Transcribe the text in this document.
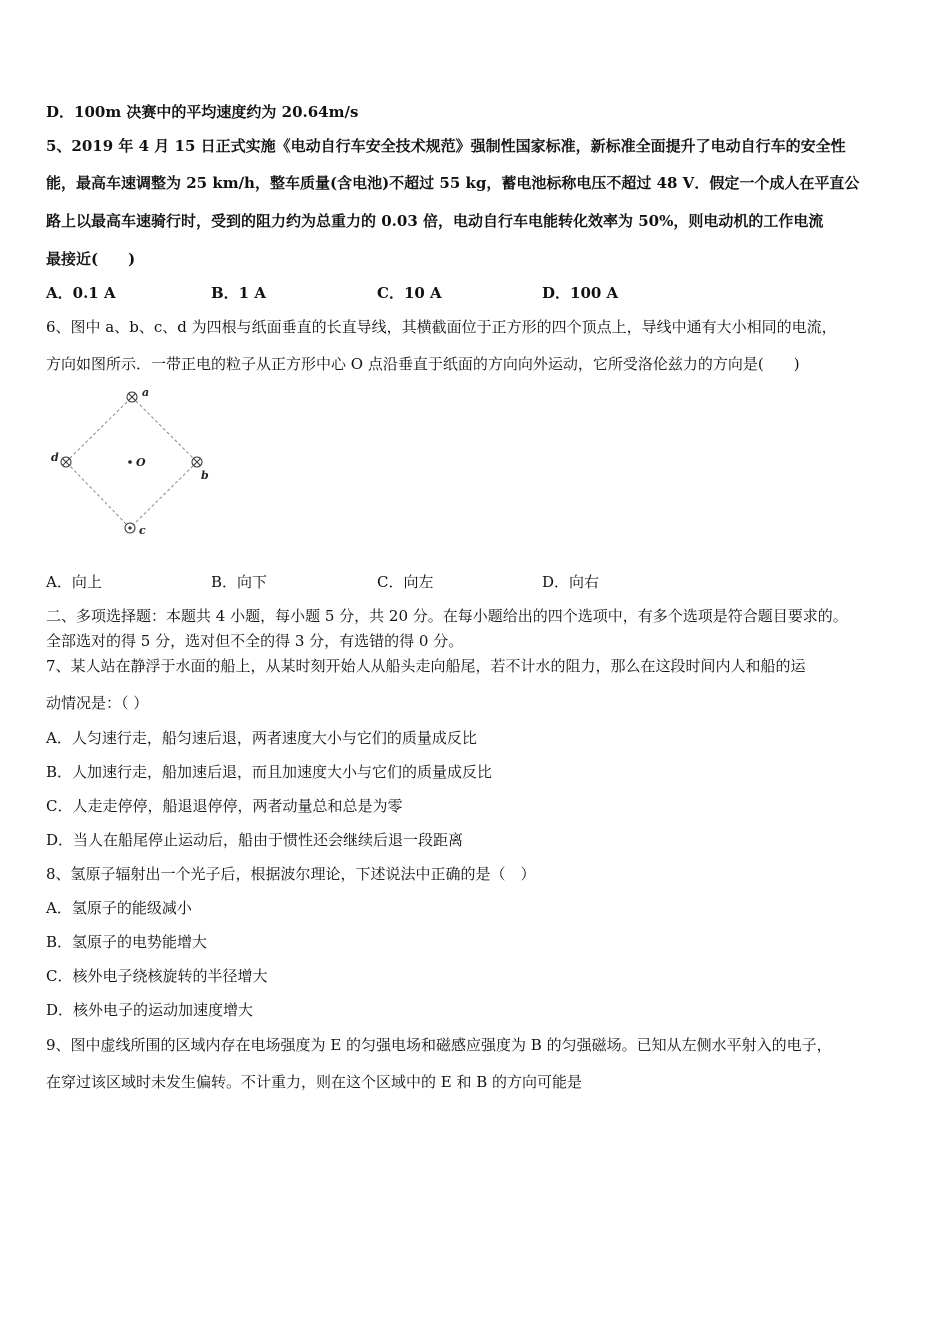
D．100m 决赛中的平均速度约为 20.64m/s
5、2019 年 4 月 15 日正式实施《电动自行车安全技术规范》强制性国家标准，新标准全面提升了电动自行车的安全性
能，最高车速调整为 25 km/h，整车质量(含电池)不超过 55 kg，蓄电池标称电压不超过 48 V．假定一个成人在平直公
路上以最高车速骑行时，受到的阻力约为总重力的 0.03 倍，电动自行车电能转化效率为 50%，则电动机的工作电流
最接近(　　)
A．0.1 A	B．1 A	C．10 A	D．100 A
6、图中 a、b、c、d 为四根与纸面垂直的长直导线，其横截面位于正方形的四个顶点上，导线中通有大小相同的电流，
方向如图所示．一带正电的粒子从正方形中心 O 点沿垂直于纸面的方向向外运动，它所受洛伦兹力的方向是(　　)
a
b
c
d	O
A．向上	B．向下	C．向左	D．向右
二、多项选择题：本题共 4 小题，每小题 5 分，共 20 分。在每小题给出的四个选项中，有多个选项是符合题目要求的。
全部选对的得 5 分，选对但不全的得 3 分，有选错的得 0 分。
7、某人站在静浮于水面的船上，从某时刻开始人从船头走向船尾，若不计水的阻力，那么在这段时间内人和船的运
动情况是：（ ）
A．人匀速行走，船匀速后退，两者速度大小与它们的质量成反比
B．人加速行走，船加速后退，而且加速度大小与它们的质量成反比
C．人走走停停，船退退停停，两者动量总和总是为零
D．当人在船尾停止运动后，船由于惯性还会继续后退一段距离
8、氢原子辐射出一个光子后，根据波尔理论，下述说法中正确的是（　）
A．氢原子的能级减小
B．氢原子的电势能增大
C．核外电子绕核旋转的半径增大
D．核外电子的运动加速度增大
9、图中虚线所围的区域内存在电场强度为 E 的匀强电场和磁感应强度为 B 的匀强磁场。已知从左侧水平射入的电子，
在穿过该区域时未发生偏转。不计重力，则在这个区域中的 E 和 B 的方向可能是
